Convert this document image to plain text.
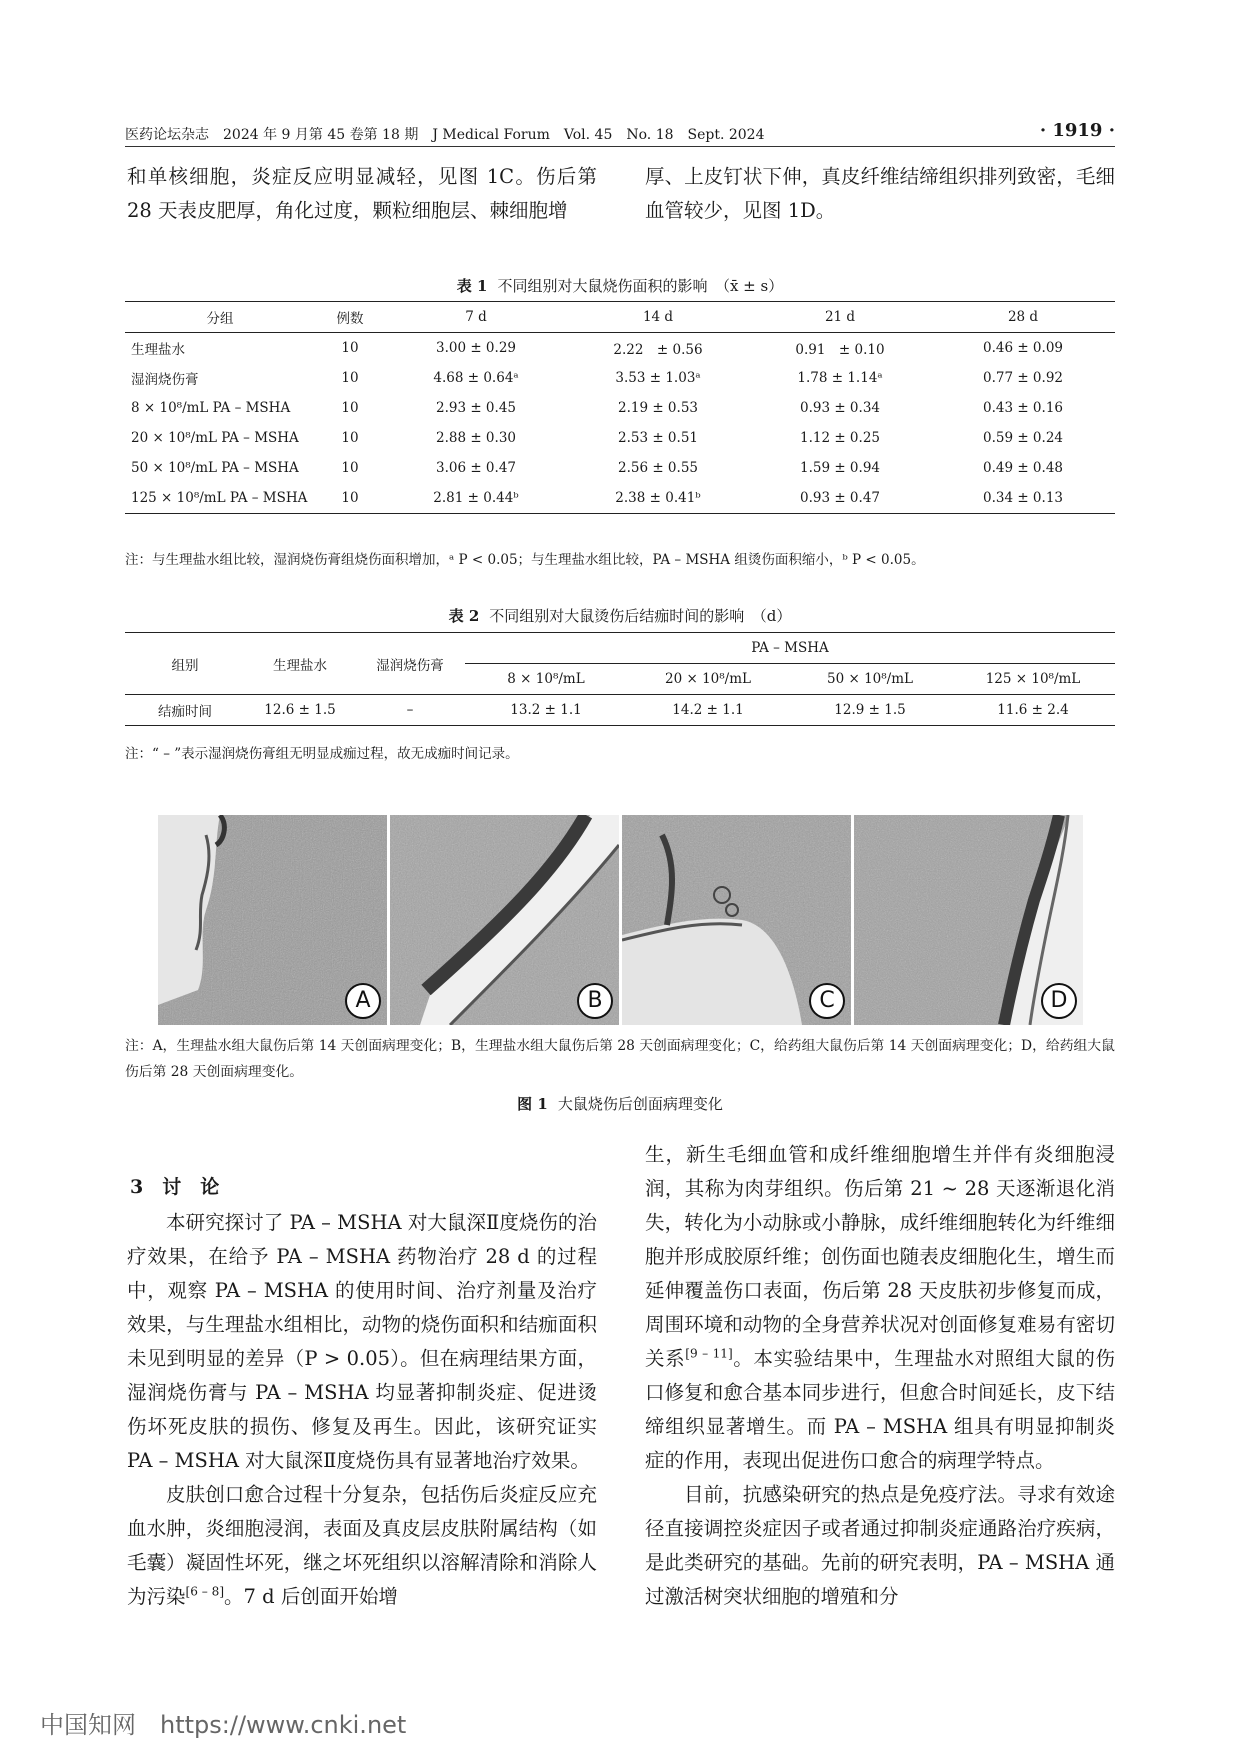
医药论坛杂志　2024 年 9 月第 45 卷第 18 期　J Medical Forum　Vol. 45　No. 18　Sept. 2024	· 1919 ·

和单核细胞，炎症反应明显减轻，见图 1C。伤后第 28 天表皮肥厚，角化过度，颗粒细胞层、棘细胞增

厚、上皮钉状下伸，真皮纤维结缔组织排列致密，毛细血管较少，见图 1D。

表 1 不同组别对大鼠烧伤面积的影响　（x̄ ± s）
分组	例数	7 d	14 d	21 d	28 d
生理盐水	10	3.00 ± 0.29	2.22　± 0.56	0.91　± 0.10	0.46 ± 0.09
湿润烧伤膏	10	4.68 ± 0.64ᵃ	3.53 ± 1.03ᵃ	1.78 ± 1.14ᵃ	0.77 ± 0.92
8 × 10⁸/mL PA – MSHA	10	2.93 ± 0.45	2.19 ± 0.53	0.93 ± 0.34	0.43 ± 0.16
20 × 10⁸/mL PA – MSHA	10	2.88 ± 0.30	2.53 ± 0.51	1.12 ± 0.25	0.59 ± 0.24
50 × 10⁸/mL PA – MSHA	10	3.06 ± 0.47	2.56 ± 0.55	1.59 ± 0.94	0.49 ± 0.48
125 × 10⁸/mL PA – MSHA	10	2.81 ± 0.44ᵇ	2.38 ± 0.41ᵇ	0.93 ± 0.47	0.34 ± 0.13
注：与生理盐水组比较，湿润烧伤膏组烧伤面积增加，ᵃ P < 0.05；与生理盐水组比较，PA – MSHA 组烫伤面积缩小，ᵇ P < 0.05。
表 2 不同组别对大鼠烫伤后结痂时间的影响　（d）
组别	生理盐水	湿润烧伤膏	PA – MSHA			
			8 × 10⁸/mL	20 × 10⁸/mL	50 × 10⁸/mL	125 × 10⁸/mL
结痂时间	12.6 ± 1.5	–	13.2 ± 1.1	14.2 ± 1.1	12.9 ± 1.5	11.6 ± 2.4
注：“ – ”表示湿润烧伤膏组无明显成痂过程，故无成痂时间记录。
A	B	C	D
注：A，生理盐水组大鼠伤后第 14 天创面病理变化；B，生理盐水组大鼠伤后第 28 天创面病理变化；C，给药组大鼠伤后第 14 天创面病理变化；D，给药组大鼠伤后第 28 天创面病理变化。
图 1 大鼠烧伤后创面病理变化
3　讨　论

本研究探讨了 PA – MSHA 对大鼠深Ⅱ度烧伤的治疗效果，在给予 PA – MSHA 药物治疗 28 d 的过程中，观察 PA – MSHA 的使用时间、治疗剂量及治疗效果，与生理盐水组相比，动物的烧伤面积和结痂面积未见到明显的差异（P > 0.05）。但在病理结果方面，湿润烧伤膏与 PA – MSHA 均显著抑制炎症、促进烫伤坏死皮肤的损伤、修复及再生。因此，该研究证实 PA – MSHA 对大鼠深Ⅱ度烧伤具有显著地治疗效果。

皮肤创口愈合过程十分复杂，包括伤后炎症反应充血水肿，炎细胞浸润，表面及真皮层皮肤附属结构（如毛囊）凝固性坏死，继之坏死组织以溶解清除和消除人为污染[6 – 8]。7 d 后创面开始增

生，新生毛细血管和成纤维细胞增生并伴有炎细胞浸润，其称为肉芽组织。伤后第 21 ~ 28 天逐渐退化消失，转化为小动脉或小静脉，成纤维细胞转化为纤维细胞并形成胶原纤维；创伤面也随表皮细胞化生，增生而延伸覆盖伤口表面，伤后第 28 天皮肤初步修复而成，周围环境和动物的全身营养状况对创面修复难易有密切关系[9 – 11]。本实验结果中，生理盐水对照组大鼠的伤口修复和愈合基本同步进行，但愈合时间延长，皮下结缔组织显著增生。而 PA – MSHA 组具有明显抑制炎症的作用，表现出促进伤口愈合的病理学特点。

目前，抗感染研究的热点是免疫疗法。寻求有效途径直接调控炎症因子或者通过抑制炎症通路治疗疾病，是此类研究的基础。先前的研究表明，PA – MSHA 通过激活树突状细胞的增殖和分

中国知网　https://www.cnki.net
